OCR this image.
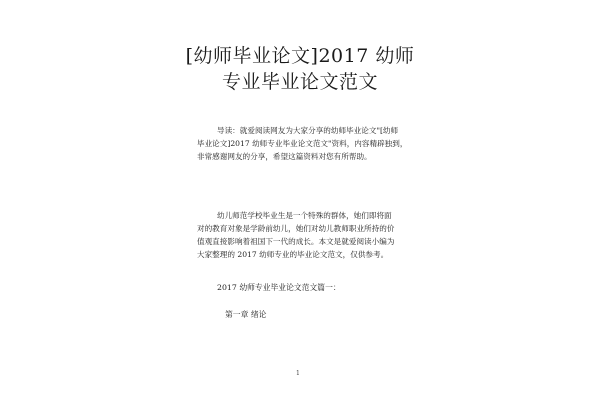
[幼师毕业论文]2017 幼师
专业毕业论文范文
导读：就爱阅读网友为大家分享的幼师毕业论文"[幼师
毕业论文]2017 幼师专业毕业论文范文"资料，内容精辟独到，
非常感谢网友的分享，希望这篇资料对您有所帮助。
幼儿师范学校毕业生是一个特殊的群体，她们即将面
对的教育对象是学龄前幼儿，她们对幼儿教师职业所持的价
值观直接影响着祖国下一代的成长。本文是就爱阅读小编为
大家整理的 2017 幼师专业的毕业论文范文，仅供参考。
2017 幼师专业毕业论文范文篇一：
第一章 绪论
1
